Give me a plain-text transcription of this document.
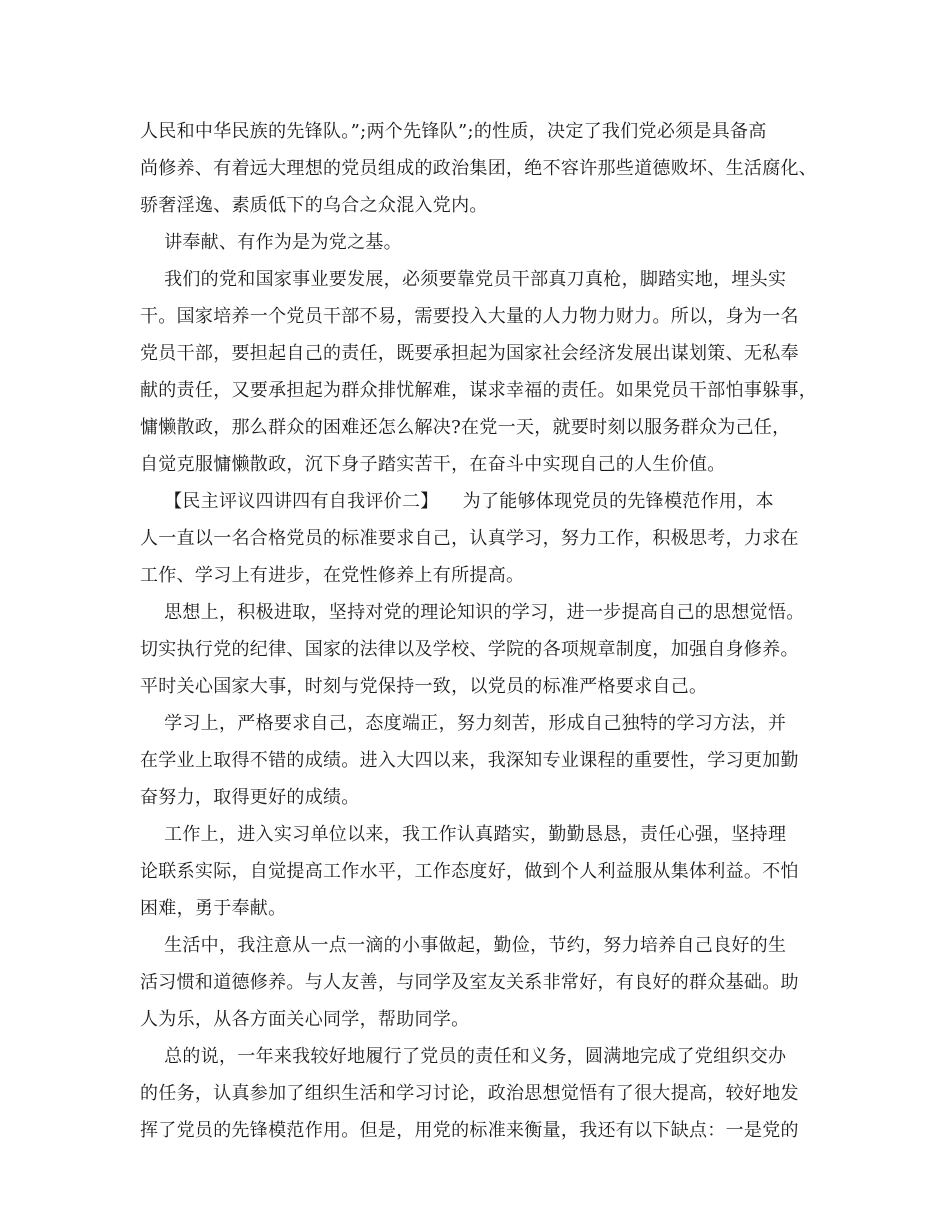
人民和中华民族的先锋队。”;两个先锋队”;的性质，决定了我们党必须是具备高
尚修养、有着远大理想的党员组成的政治集团，绝不容许那些道德败坏、生活腐化、
骄奢淫逸、素质低下的乌合之众混入党内。
讲奉献、有作为是为党之基。
我们的党和国家事业要发展，必须要靠党员干部真刀真枪，脚踏实地，埋头实
干。国家培养一个党员干部不易，需要投入大量的人力物力财力。所以，身为一名
党员干部，要担起自己的责任，既要承担起为国家社会经济发展出谋划策、无私奉
献的责任，又要承担起为群众排忧解难，谋求幸福的责任。如果党员干部怕事躲事，
慵懒散政，那么群众的困难还怎么解决?在党一天，就要时刻以服务群众为己任，
自觉克服慵懒散政，沉下身子踏实苦干，在奋斗中实现自己的人生价值。
【民主评议四讲四有自我评价二】    为了能够体现党员的先锋模范作用，本
人一直以一名合格党员的标准要求自己，认真学习，努力工作，积极思考，力求在
工作、学习上有进步，在党性修养上有所提高。
思想上，积极进取，坚持对党的理论知识的学习，进一步提高自己的思想觉悟。
切实执行党的纪律、国家的法律以及学校、学院的各项规章制度，加强自身修养。
平时关心国家大事，时刻与党保持一致，以党员的标准严格要求自己。
学习上，严格要求自己，态度端正，努力刻苦，形成自己独特的学习方法，并
在学业上取得不错的成绩。进入大四以来，我深知专业课程的重要性，学习更加勤
奋努力，取得更好的成绩。
工作上，进入实习单位以来，我工作认真踏实，勤勤恳恳，责任心强，坚持理
论联系实际，自觉提高工作水平，工作态度好，做到个人利益服从集体利益。不怕
困难，勇于奉献。
生活中，我注意从一点一滴的小事做起，勤俭，节约，努力培养自己良好的生
活习惯和道德修养。与人友善，与同学及室友关系非常好，有良好的群众基础。助
人为乐，从各方面关心同学，帮助同学。
总的说，一年来我较好地履行了党员的责任和义务，圆满地完成了党组织交办
的任务，认真参加了组织生活和学习讨论，政治思想觉悟有了很大提高，较好地发
挥了党员的先锋模范作用。但是，用党的标准来衡量，我还有以下缺点：一是党的
